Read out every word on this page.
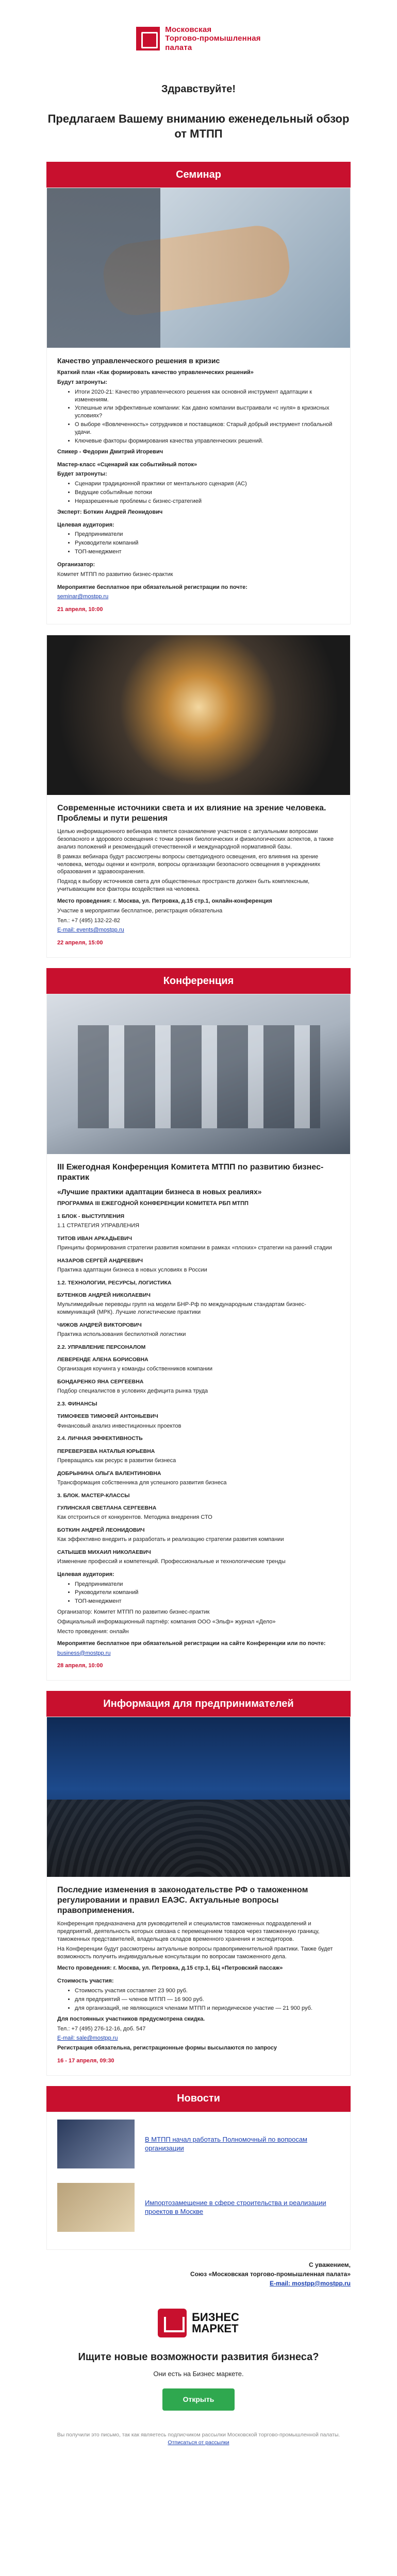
Московская
Торгово-промышленная
палата
Здравствуйте!
Предлагаем Вашему вниманию еженедельный обзор от МТПП
Семинар
Качество управленческого решения в кризис
Краткий план «Как формировать качество управленческих решений»
Будут затронуты:
• Итоги 2020-21: Качество управленческого решения как основной инструмент адаптации к изменениям.
• Успешные или эффективные компании: Как давно компании выстраивали «с нуля» в кризисных условиях?
• О выборе «Вовлеченность» сотрудников и поставщиков: Старый добрый инструмент глобальной удачи.
• Ключевые факторы формирования качества управленческих решений.
Спикер - Федорин Дмитрий Игоревич
Мастер-класс «Сценарий как событийный поток»
Будет затронуты:
• Сценарии традиционной практики от ментального сценария (АС)
• Ведущие событийные потоки
• Неразрешенные проблемы с бизнес-стратегией
Эксперт: Боткин Андрей Леонидович
Целевая аудитория:
• Предприниматели
• Руководители компаний
• ТОП-менеджмент
Организатор:
Комитет МТПП по развитию бизнес-практик
Мероприятие бесплатное при обязательной регистрации по почте:
seminar@mostpp.ru
21 апреля, 10:00
Современные источники света и их влияние на зрение человека. Проблемы и пути решения
Целью информационного вебинара является ознакомление участников с актуальными вопросами безопасного и здорового освещения с точки зрения биологических и физиологических аспектов, а также анализ положений и рекомендаций отечественной и международной нормативной базы.
В рамках вебинара будут рассмотрены вопросы светодиодного освещения, его влияния на зрение человека, методы оценки и контроля, вопросы организации безопасного освещения в учреждениях образования и здравоохранения.
Подход к выбору источников света для общественных пространств должен быть комплексным, учитывающим все факторы воздействия на человека.
Место проведения: г. Москва, ул. Петровка, д.15 стр.1, онлайн-конференция
Участие в мероприятии бесплатное, регистрация обязательна
Тел.: +7 (495) 132-22-82
E-mail: events@mostpp.ru
22 апреля, 15:00
Конференция
III Ежегодная Конференция Комитета МТПП по развитию бизнес-практик
«Лучшие практики адаптации бизнеса в новых реалиях»
ПРОГРАММА III ЕЖЕГОДНОЙ КОНФЕРЕНЦИИ КОМИТЕТА РБП МТПП
1 БЛОК - ВЫСТУПЛЕНИЯ
1.1 СТРАТЕГИЯ УПРАВЛЕНИЯ
ТИТОВ ИВАН АРКАДЬЕВИЧ
Принципы формирования стратегии развития компании в рамках «плохих» стратегии на ранний стадии
НАЗАРОВ СЕРГЕЙ АНДРЕЕВИЧ
Практика адаптации бизнеса в новых условиях в России
1.2. ТЕХНОЛОГИИ, РЕСУРСЫ, ЛОГИСТИКА
БУТЕНКОВ АНДРЕЙ НИКОЛАЕВИЧ
Мультимедийные переводы групп на модели БНР-Рф по международным стандартам бизнес-коммуникаций (МРК). Лучшие логистические практики
ЧИЖОВ АНДРЕЙ ВИКТОРОВИЧ
Практика использования беспилотной логистики
2.2. УПРАВЛЕНИЕ ПЕРСОНАЛОМ
ЛЕВЕРЕНДЕ АЛЕНА БОРИСОВНА
Организация коучинга у команды собственников компании
БОНДАРЕНКО ЯНА СЕРГЕЕВНА
Подбор специалистов в условиях дефицита рынка труда
2.3. ФИНАНСЫ
ТИМОФЕЕВ ТИМОФЕЙ АНТОНЬЕВИЧ
Финансовый анализ инвестиционных проектов
2.4. ЛИЧНАЯ ЭФФЕКТИВНОСТЬ
ПЕРЕВЕРЗЕВА НАТАЛЬЯ ЮРЬЕВНА
Превращаясь как ресурс в развитии бизнеса
ДОБРЫНИНА ОЛЬГА ВАЛЕНТИНОВНА
Трансформация собственника для успешного развития бизнеса
3. БЛОК. МАСТЕР-КЛАССЫ
ГУЛИНСКАЯ СВЕТЛАНА СЕРГЕЕВНА
Как отстроиться от конкурентов. Методика внедрения СТО
БОТКИН АНДРЕЙ ЛЕОНИДОВИЧ
Как эффективно внедрить и разработать и реализацию стратегии развития компании
САТЫШЕВ МИХАИЛ НИКОЛАЕВИЧ
Изменение профессий и компетенций. Профессиональные и технологические тренды
Целевая аудитория:
• Предприниматели
• Руководители компаний
• ТОП-менеджмент
Организатор: Комитет МТПП по развитию бизнес-практик
Официальный информационный партнёр: компания ООО «Эльф» журнал «Дело»
Место проведения: онлайн
Мероприятие бесплатное при обязательной регистрации на сайте Конференции или по почте:
business@mostpp.ru
28 апреля, 10:00
Информация для предпринимателей
Последние изменения в законодательстве РФ о таможенном регулировании и правил ЕАЭС. Актуальные вопросы правоприменения.
Конференция предназначена для руководителей и специалистов таможенных подразделений и предприятий, деятельность которых связана с перемещением товаров через таможенную границу, таможенных представителей, владельцев складов временного хранения и экспедиторов.
На Конференции будут рассмотрены актуальные вопросы правоприменительной практики. Также будет возможность получить индивидуальные консультации по вопросам таможенного дела.
Место проведения: г. Москва, ул. Петровка, д.15 стр.1, БЦ «Петровский пассаж»
Стоимость участия:
• Стоимость участия составляет 23 900 руб.
• для предприятий — членов МТПП — 16 900 руб.
• для организаций, не являющихся членами МТПП и периодическое участие — 21 900 руб.
Для постоянных участников предусмотрена скидка.
Тел.: +7 (495) 276-12-16, доб. 547
E-mail: sale@mostpp.ru
Регистрация обязательна, регистрационные формы высылаются по запросу
16 - 17 апреля, 09:30
Новости
В МТПП начал работать Полномочный по вопросам организации
Импортозамещение в сфере строительства и реализации проектов в Москве
С уважением,
Союз «Московская торгово-промышленная палата»
E-mail: mostpp@mostpp.ru
БИЗНЕС
МАРКЕТ
Ищите новые возможности развития бизнеса?
Они есть на Бизнес маркете.
Открыть
Вы получили это письмо, так как являетесь подписчиком рассылки Московской торгово-промышленной палаты.
Отписаться от рассылки
